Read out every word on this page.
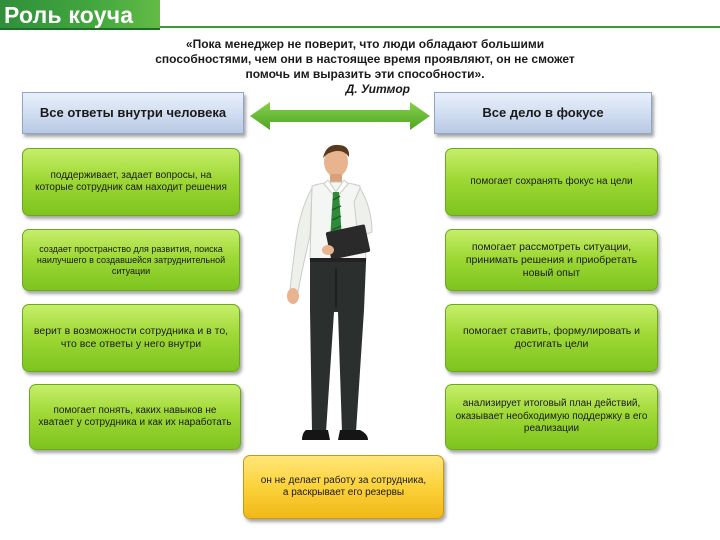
Роль коуча
«Пока менеджер не поверит, что люди обладают большими способностями, чем они в настоящее время проявляют, он не сможет помочь им выразить эти способности».
Д. Уитмор
Все ответы внутри человека	Все дело в фокусе
поддерживает, задает вопросы, на которые сотрудник сам находит решения
создает пространство для развития, поиска наилучшего в создавшейся затруднительной ситуации
верит в возможности сотрудника и в то, что все ответы у него внутри
помогает понять, каких навыков не хватает у сотрудника и как их наработать
помогает сохранять фокус на цели
помогает рассмотреть ситуации, принимать решения и приобретать новый опыт
помогает ставить, формулировать и достигать цели
анализирует итоговый план действий, оказывает необходимую поддержку в его реализации
он не делает работу за сотрудника, а раскрывает его резервы
